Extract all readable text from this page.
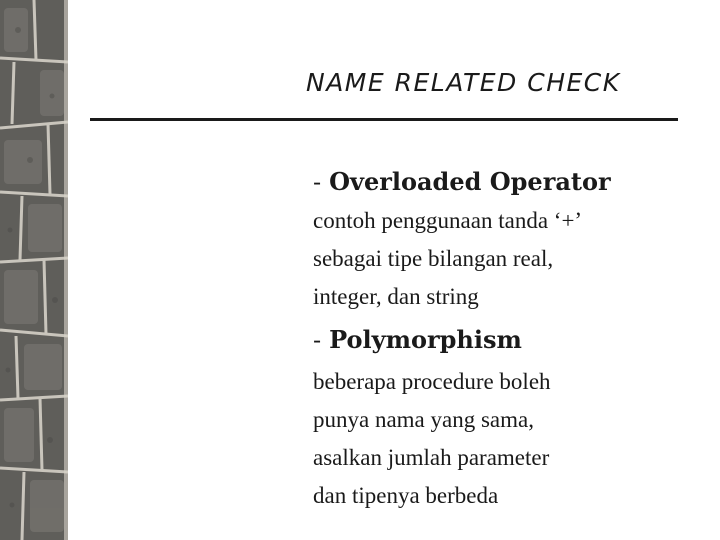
NAME RELATED CHECK
- Overloaded Operator
contoh penggunaan tanda ‘+’
sebagai tipe bilangan real,
integer, dan string
- Polymorphism
beberapa procedure boleh
punya nama yang sama,
asalkan jumlah parameter
dan tipenya berbeda
